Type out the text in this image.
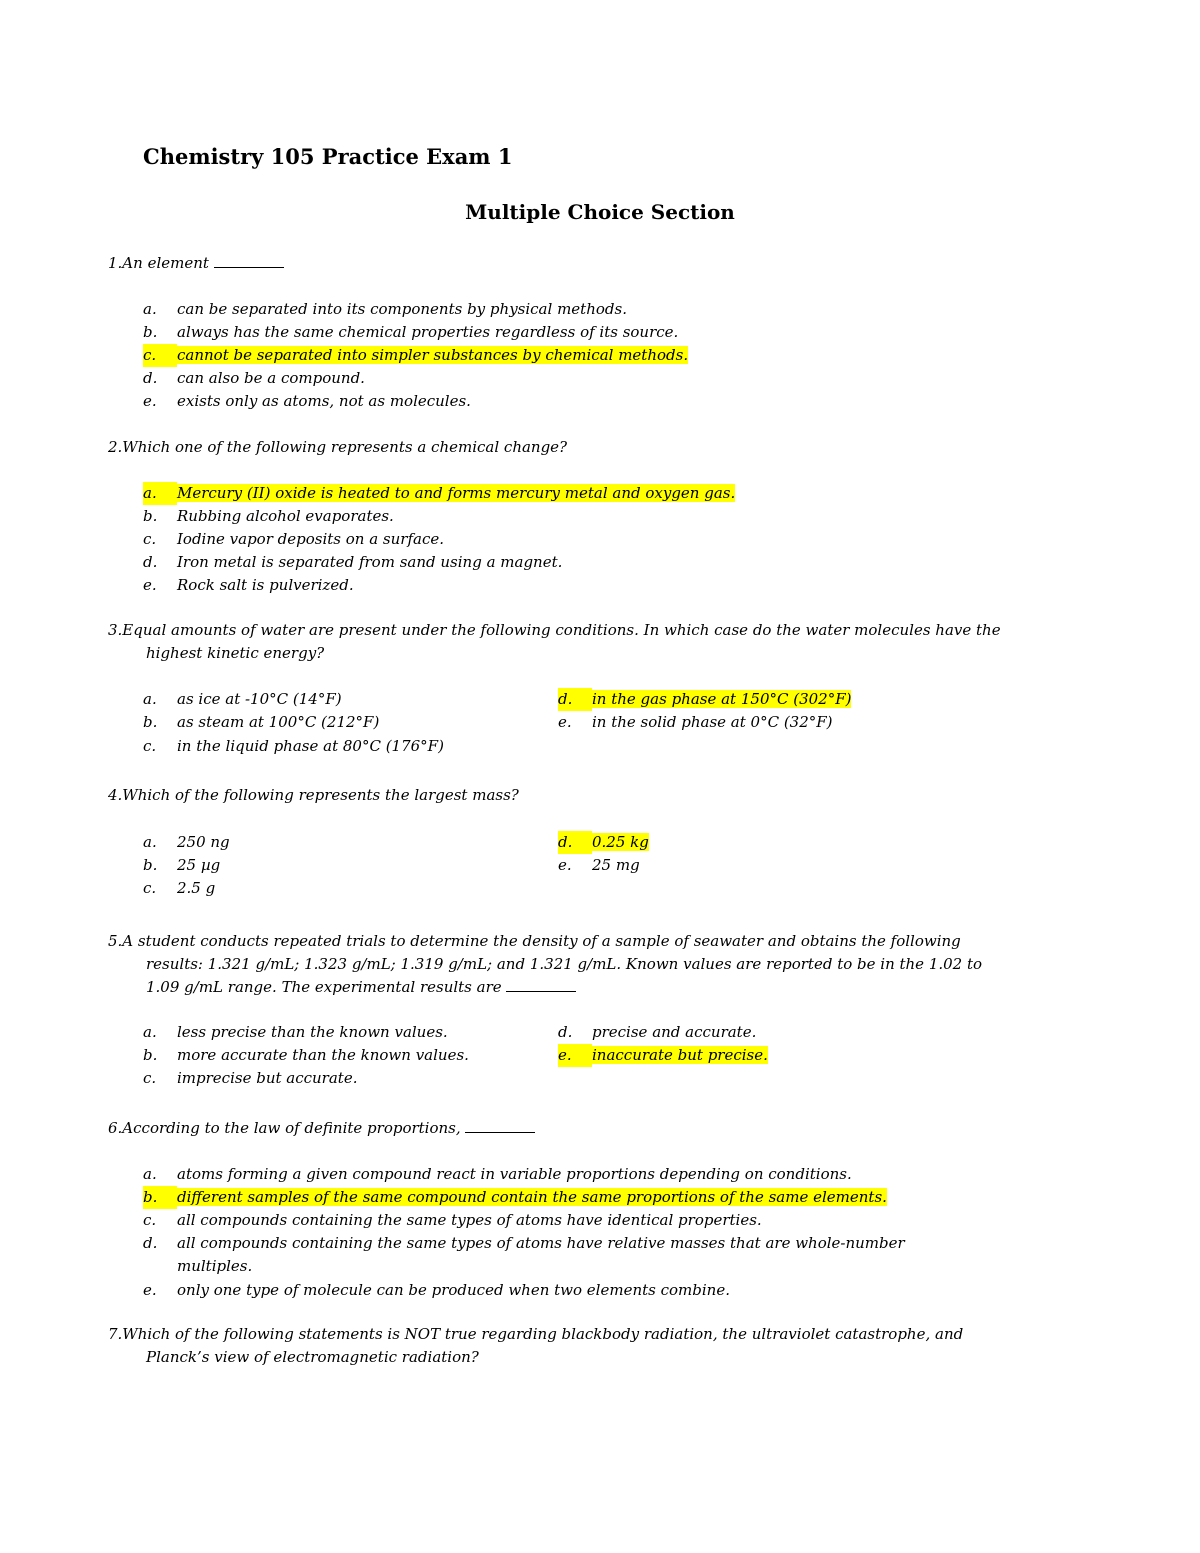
Chemistry 105 Practice Exam 1
Multiple Choice Section
1.An element
a. can be separated into its components by physical methods.
b. always has the same chemical properties regardless of its source.
c. cannot be separated into simpler substances by chemical methods.
d. can also be a compound.
e. exists only as atoms, not as molecules.
2.Which one of the following represents a chemical change?
a. Mercury (II) oxide is heated to and forms mercury metal and oxygen gas.
b. Rubbing alcohol evaporates.
c. Iodine vapor deposits on a surface.
d. Iron metal is separated from sand using a magnet.
e. Rock salt is pulverized.
3.Equal amounts of water are present under the following conditions. In which case do the water molecules have the
highest kinetic energy?
a. as ice at -10°C (14°F)
b. as steam at 100°C (212°F)
c. in the liquid phase at 80°C (176°F)
d. in the gas phase at 150°C (302°F)
e. in the solid phase at 0°C (32°F)
4.Which of the following represents the largest mass?
a. 250 ng
b. 25 µg
c. 2.5 g
d. 0.25 kg
e. 25 mg
5.A student conducts repeated trials to determine the density of a sample of seawater and obtains the following
results: 1.321 g/mL; 1.323 g/mL; 1.319 g/mL; and 1.321 g/mL. Known values are reported to be in the 1.02 to
1.09 g/mL range. The experimental results are
a. less precise than the known values.
b. more accurate than the known values.
c. imprecise but accurate.
d. precise and accurate.
e. inaccurate but precise.
6.According to the law of definite proportions,
a. atoms forming a given compound react in variable proportions depending on conditions.
b. different samples of the same compound contain the same proportions of the same elements.
c. all compounds containing the same types of atoms have identical properties.
d. all compounds containing the same types of atoms have relative masses that are whole-number
multiples.
e. only one type of molecule can be produced when two elements combine.
7.Which of the following statements is NOT true regarding blackbody radiation, the ultraviolet catastrophe, and
Planck’s view of electromagnetic radiation?
